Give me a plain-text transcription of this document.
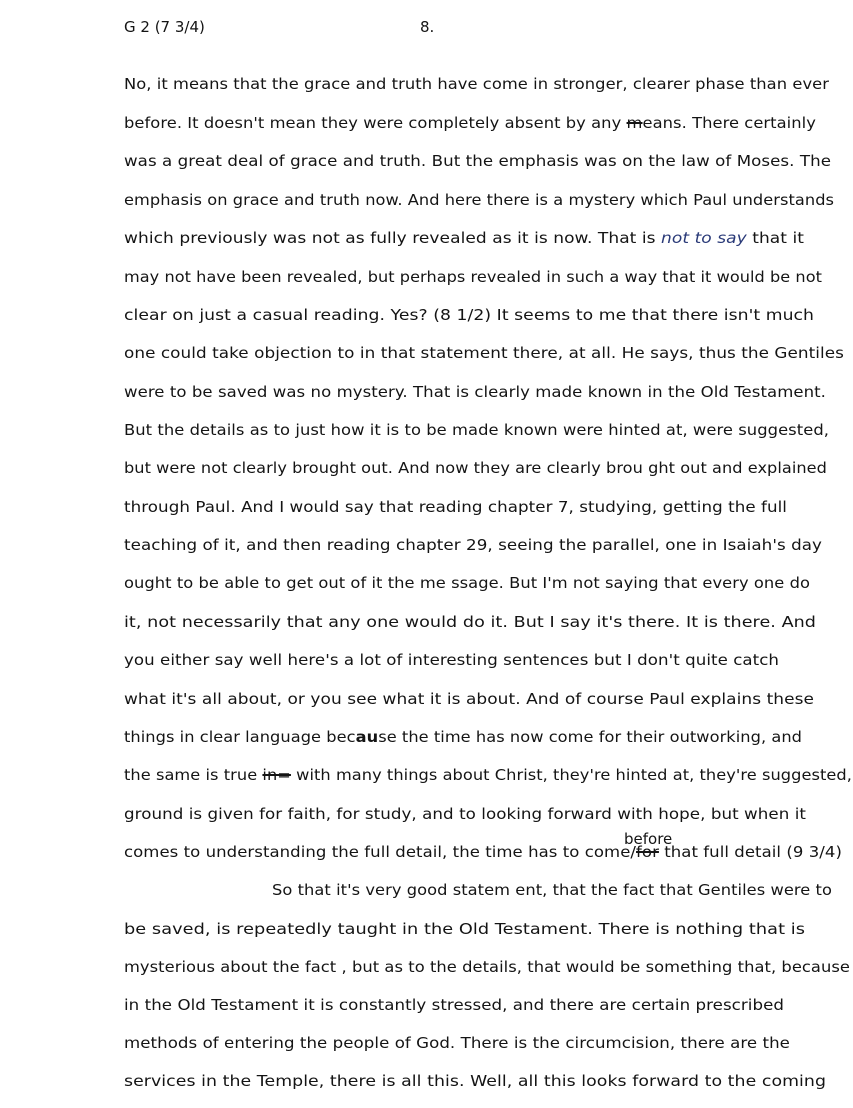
G 2 (7 3/4)	8.
No, it means that the grace and truth have come in stronger, clearer phase than ever
before. It doesn't mean they were completely absent by any means. There certainly
was a great deal of grace and truth. But the emphasis was on the law of Moses. The
emphasis on grace and truth now. And here there is a mystery which Paul understands
which previously was not as fully revealed as it is now. That is not to say that it
may not have been revealed, but perhaps revealed in such a way that it would be not
clear on just a casual reading. Yes? (8 1/2) It seems to me that there isn't much
one could take objection to in that statement there, at all. He says, thus the Gentiles
were to be saved was no mystery. That is clearly made known in the Old Testament.
But the details as to just how it is to be made known were hinted at, were suggested,
but were not clearly brought out. And now they are clearly brou ght out and explained
through Paul. And I would say that reading chapter 7, studying, getting the full
teaching of it, and then reading chapter 29, seeing the parallel, one in Isaiah's day
ought to be able to get out of it the me ssage. But I'm not saying that every one do
it, not necessarily that any one would do it. But I say it's there. It is there. And
you either say well here's a lot of interesting sentences but I don't quite catch
what it's all about, or you see what it is about. And of course Paul explains these
things in clear language because the time has now come for their outworking, and
the same is true in= with many things about Christ, they're hinted at, they're suggested,
ground is given for faith, for study, and to looking forward with hope, but when it
before
comes to understanding the full detail, the time has to come/for that full detail (9 3/4)
So that it's very good statem ent, that the fact that Gentiles were to
be saved, is repeatedly taught in the Old Testament. There is nothing that is
mysterious about the fact , but as to the details, that would be something that, because
in the Old Testament it is constantly stressed, and there are certain prescribed
methods of entering the people of God. There is the circumcision, there are the
services in the Temple, there is all this. Well, all this looks forward to the coming
